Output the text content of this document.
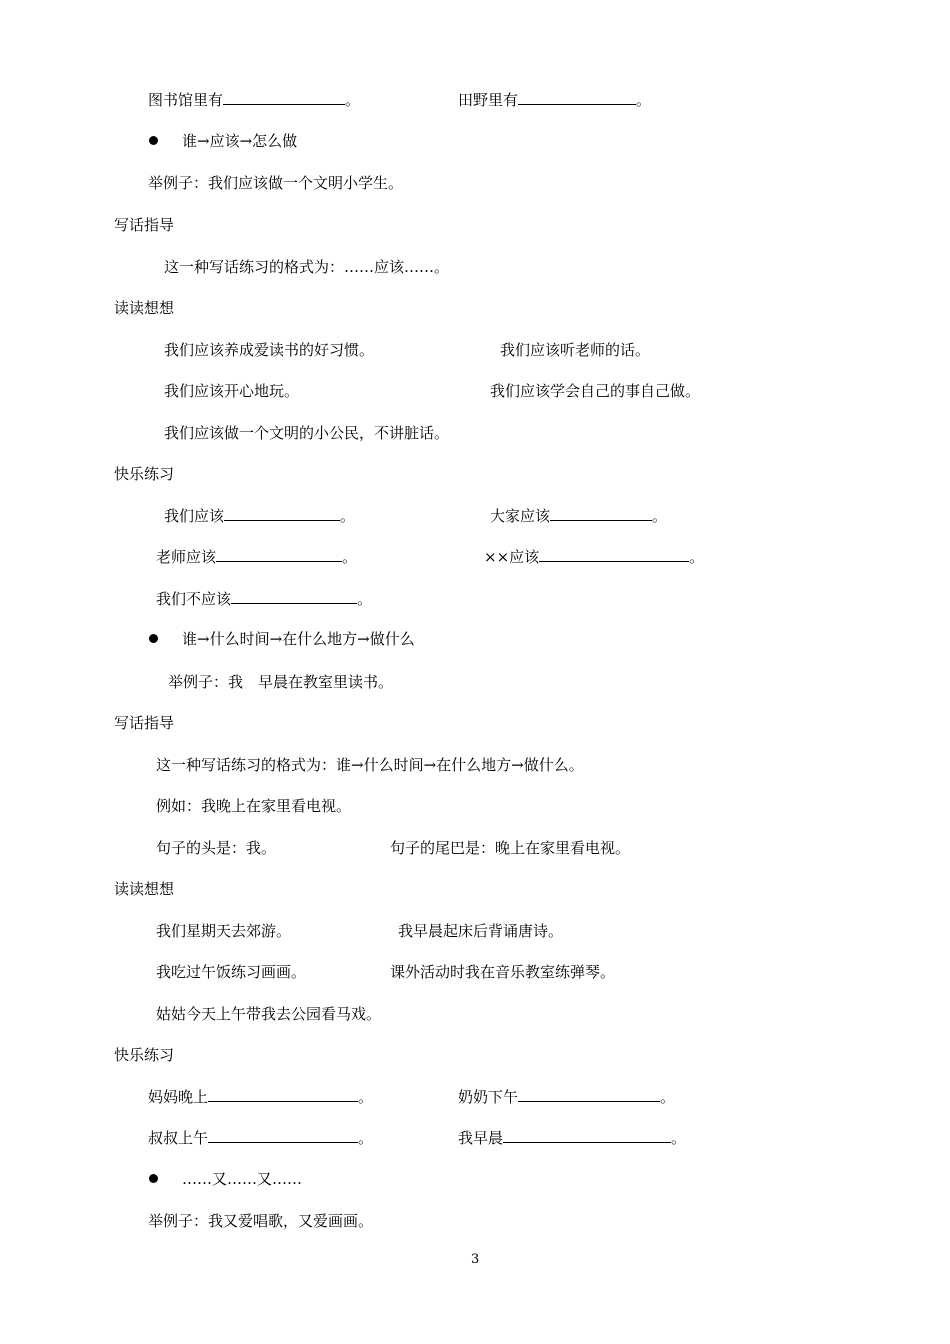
图书馆里有	。	田野里有	。
谁→应该→怎么做
举例子：我们应该做一个文明小学生。
写话指导
这一种写话练习的格式为：……应该……。
读读想想
我们应该养成爱读书的好习惯。	我们应该听老师的话。
我们应该开心地玩。	我们应该学会自己的事自己做。
我们应该做一个文明的小公民，不讲脏话。
快乐练习
我们应该	。	大家应该	。
老师应该	。	××应该	。
我们不应该	。
谁→什么时间→在什么地方→做什么
举例子：我　早晨在教室里读书。
写话指导
这一种写话练习的格式为：谁→什么时间→在什么地方→做什么。
例如：我晚上在家里看电视。
句子的头是：我。	句子的尾巴是：晚上在家里看电视。
读读想想
我们星期天去郊游。	我早晨起床后背诵唐诗。
我吃过午饭练习画画。	课外活动时我在音乐教室练弹琴。
姑姑今天上午带我去公园看马戏。
快乐练习
妈妈晚上	。	奶奶下午	。
叔叔上午	。	我早晨	。
……又……又……
举例子：我又爱唱歌，又爱画画。
3
